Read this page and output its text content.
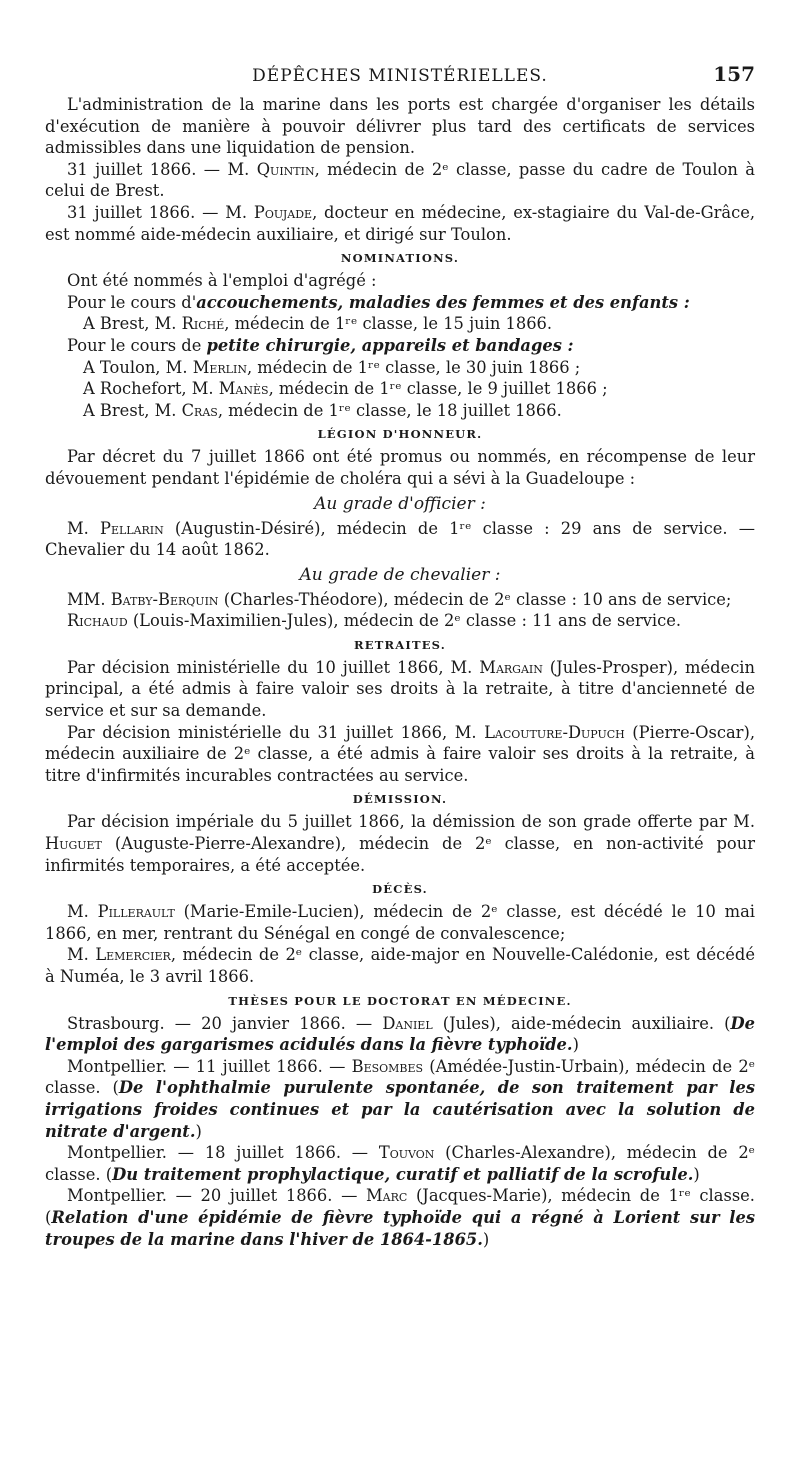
DÉPÊCHES MINISTÉRIELLES.	157

L'administration de la marine dans les ports est chargée d'organiser les détails d'exécution de manière à pouvoir délivrer plus tard des certificats de services admissibles dans une liquidation de pension.

31 juillet 1866. — M. Quintin, médecin de 2ᵉ classe, passe du cadre de Toulon à celui de Brest.

31 juillet 1866. — M. Poujade, docteur en médecine, ex-stagiaire du Val-de-Grâce, est nommé aide-médecin auxiliaire, et dirigé sur Toulon.

NOMINATIONS.

Ont été nommés à l'emploi d'agrégé :

Pour le cours d'accouchements, maladies des femmes et des enfants :

A Brest, M. Riché, médecin de 1ʳᵉ classe, le 15 juin 1866.

Pour le cours de petite chirurgie, appareils et bandages :

A Toulon, M. Merlin, médecin de 1ʳᵉ classe, le 30 juin 1866 ;

A Rochefort, M. Manès, médecin de 1ʳᵉ classe, le 9 juillet 1866 ;

A Brest, M. Cras, médecin de 1ʳᵉ classe, le 18 juillet 1866.

LÉGION D'HONNEUR.

Par décret du 7 juillet 1866 ont été promus ou nommés, en récompense de leur dévouement pendant l'épidémie de choléra qui a sévi à la Guadeloupe :

Au grade d'officier :

M. Pellarin (Augustin-Désiré), médecin de 1ʳᵉ classe : 29 ans de service. — Chevalier du 14 août 1862.

Au grade de chevalier :

MM. Batby-Berquin (Charles-Théodore), médecin de 2ᵉ classe : 10 ans de service;

Richaud (Louis-Maximilien-Jules), médecin de 2ᵉ classe : 11 ans de service.

RETRAITES.

Par décision ministérielle du 10 juillet 1866, M. Margain (Jules-Prosper), médecin principal, a été admis à faire valoir ses droits à la retraite, à titre d'ancienneté de service et sur sa demande.

Par décision ministérielle du 31 juillet 1866, M. Lacouture-Dupuch (Pierre-Oscar), médecin auxiliaire de 2ᵉ classe, a été admis à faire valoir ses droits à la retraite, à titre d'infirmités incurables contractées au service.

DÉMISSION.

Par décision impériale du 5 juillet 1866, la démission de son grade offerte par M. Huguet (Auguste-Pierre-Alexandre), médecin de 2ᵉ classe, en non-activité pour infirmités temporaires, a été acceptée.

DÉCÈS.

M. Pillerault (Marie-Emile-Lucien), médecin de 2ᵉ classe, est décédé le 10 mai 1866, en mer, rentrant du Sénégal en congé de convalescence;

M. Lemercier, médecin de 2ᵉ classe, aide-major en Nouvelle-Calédonie, est décédé à Numéa, le 3 avril 1866.

THÈSES POUR LE DOCTORAT EN MÉDECINE.

Strasbourg. — 20 janvier 1866. — Daniel (Jules), aide-médecin auxiliaire. (De l'emploi des gargarismes acidulés dans la fièvre typhoïde.)

Montpellier. — 11 juillet 1866. — Besombes (Amédée-Justin-Urbain), médecin de 2ᵉ classe. (De l'ophthalmie purulente spontanée, de son traitement par les irrigations froides continues et par la cautérisation avec la solution de nitrate d'argent.)

Montpellier. — 18 juillet 1866. — Touvon (Charles-Alexandre), médecin de 2ᵉ classe. (Du traitement prophylactique, curatif et palliatif de la scrofule.)

Montpellier. — 20 juillet 1866. — Marc (Jacques-Marie), médecin de 1ʳᵉ classe. (Relation d'une épidémie de fièvre typhoïde qui a régné à Lorient sur les troupes de la marine dans l'hiver de 1864-1865.)
